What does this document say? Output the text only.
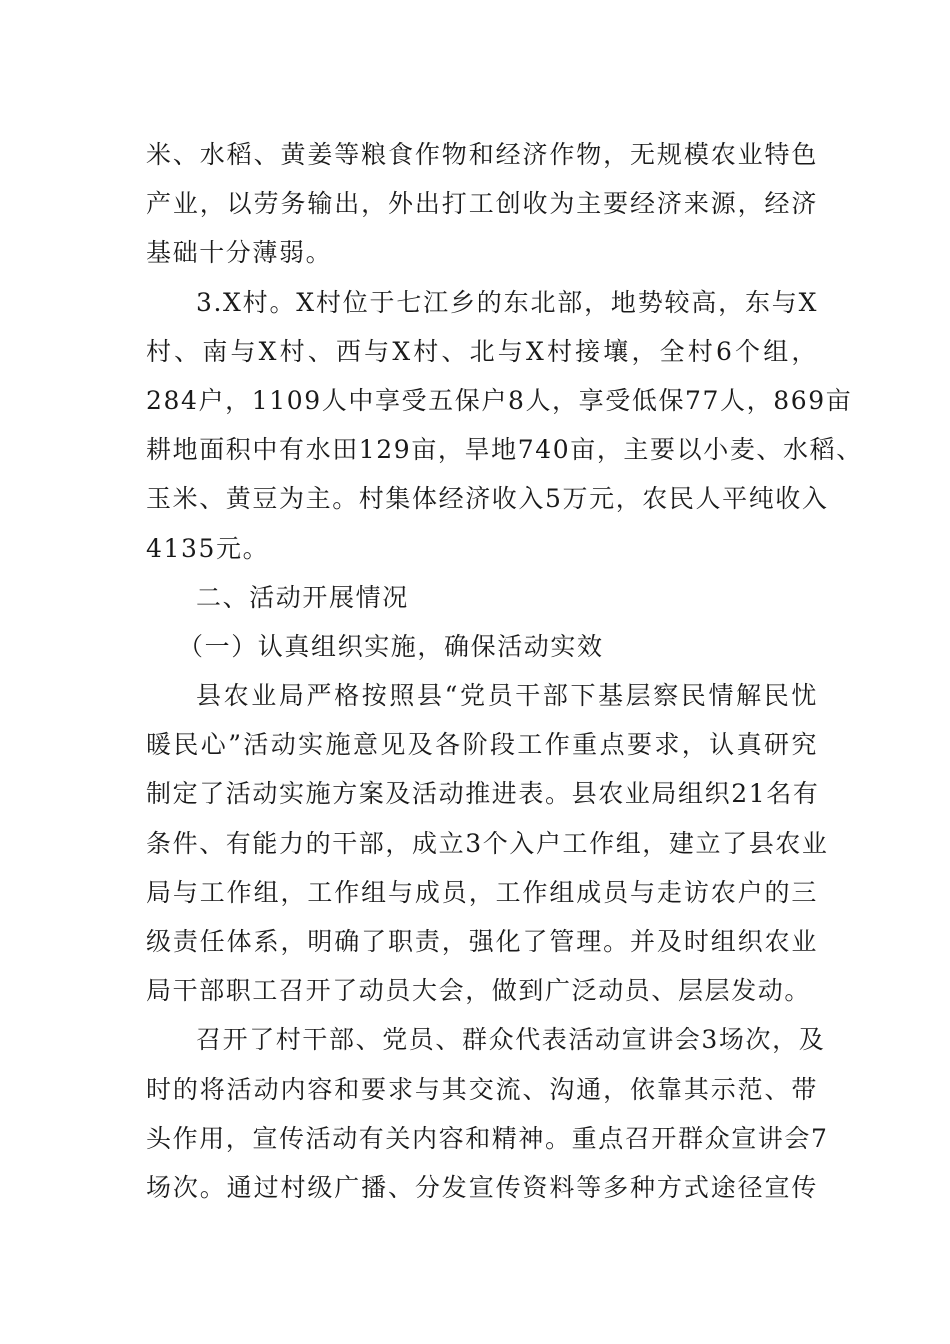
米、水稻、黄姜等粮食作物和经济作物，无规模农业特色
产业，以劳务输出，外出打工创收为主要经济来源，经济
基础十分薄弱。
3.X村。X村位于七江乡的东北部，地势较高，东与X
村、南与X村、西与X村、北与X村接壤，全村6个组，
284户，1109人中享受五保户8人，享受低保77人，869亩
耕地面积中有水田129亩，旱地740亩，主要以小麦、水稻、
玉米、黄豆为主。村集体经济收入5万元，农民人平纯收入
4135元。
二、活动开展情况
（一）认真组织实施，确保活动实效
县农业局严格按照县“党员干部下基层察民情解民忧
暖民心”活动实施意见及各阶段工作重点要求，认真研究
制定了活动实施方案及活动推进表。县农业局组织21名有
条件、有能力的干部，成立3个入户工作组，建立了县农业
局与工作组，工作组与成员，工作组成员与走访农户的三
级责任体系，明确了职责，强化了管理。并及时组织农业
局干部职工召开了动员大会，做到广泛动员、层层发动。
召开了村干部、党员、群众代表活动宣讲会3场次，及
时的将活动内容和要求与其交流、沟通，依靠其示范、带
头作用，宣传活动有关内容和精神。重点召开群众宣讲会7
场次。通过村级广播、分发宣传资料等多种方式途径宣传
